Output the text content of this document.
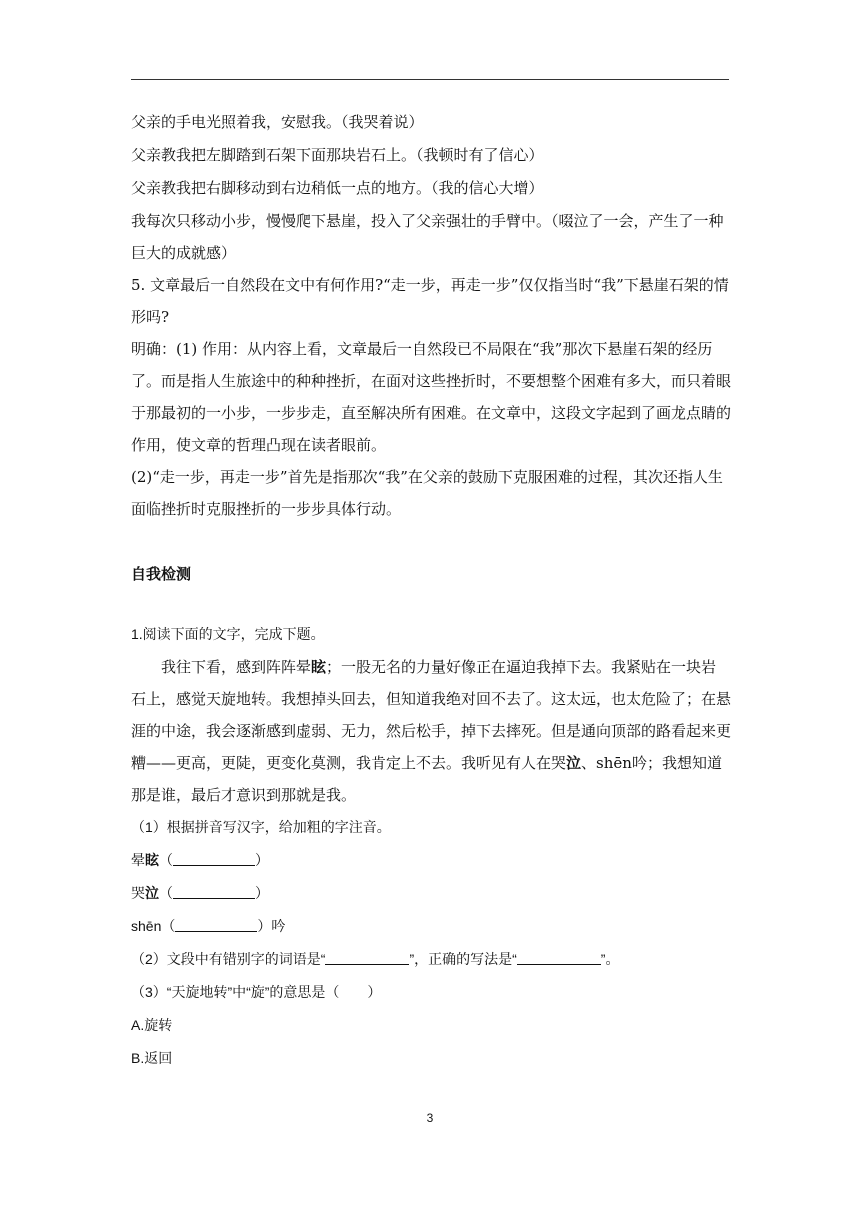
父亲的手电光照着我，安慰我。（我哭着说）

父亲教我把左脚踏到石架下面那块岩石上。（我顿时有了信心）

父亲教我把右脚移动到右边稍低一点的地方。（我的信心大增）

我每次只移动小步，慢慢爬下悬崖，投入了父亲强壮的手臂中。（啜泣了一会，产生了一种巨大的成就感）

5. 文章最后一自然段在文中有何作用?“走一步，再走一步”仅仅指当时“我”下悬崖石架的情形吗?

明确：(1) 作用：从内容上看，文章最后一自然段已不局限在“我”那次下悬崖石架的经历了。而是指人生旅途中的种种挫折，在面对这些挫折时，不要想整个困难有多大，而只着眼于那最初的一小步，一步步走，直至解决所有困难。在文章中，这段文字起到了画龙点睛的作用，使文章的哲理凸现在读者眼前。

(2)“走一步，再走一步”首先是指那次“我”在父亲的鼓励下克服困难的过程，其次还指人生面临挫折时克服挫折的一步步具体行动。

自我检测

1.阅读下面的文字，完成下题。

我往下看，感到阵阵晕眩；一股无名的力量好像正在逼迫我掉下去。我紧贴在一块岩石上，感觉天旋地转。我想掉头回去，但知道我绝对回不去了。这太远，也太危险了；在悬涯的中途，我会逐渐感到虚弱、无力，然后松手，掉下去摔死。但是通向顶部的路看起来更糟——更高，更陡，更变化莫测，我肯定上不去。我听见有人在哭泣、shēn吟；我想知道那是谁，最后才意识到那就是我。

（1）根据拼音写汉字，给加粗的字注音。

晕眩（	）

哭泣（	）

shēn（	）吟

（2）文段中有错别字的词语是“	”，正确的写法是“	”。

（3）“天旋地转”中“旋”的意思是（　　）

A.旋转

B.返回

3
